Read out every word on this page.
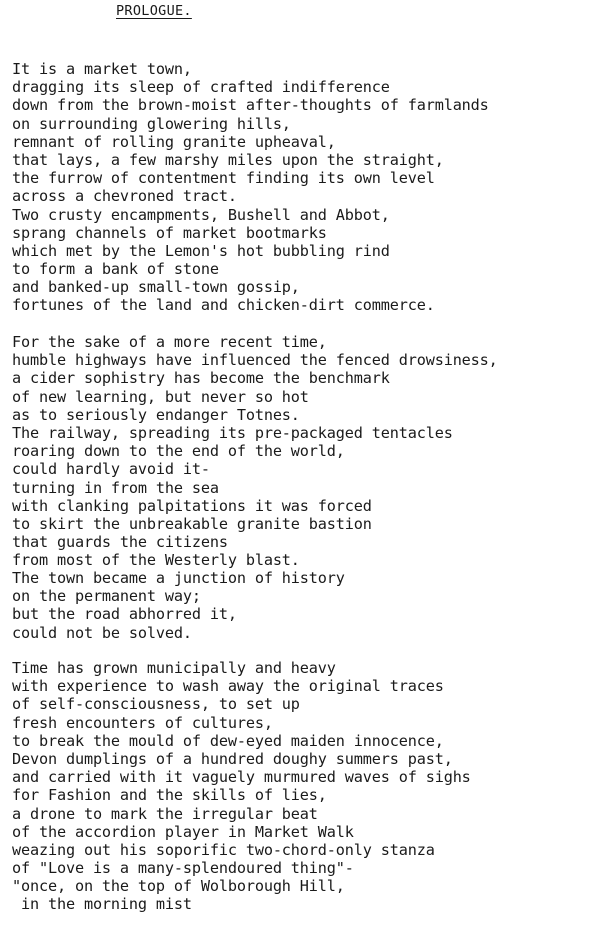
PROLOGUE.
It is a market town,
dragging its sleep of crafted indifference
down from the brown-moist after-thoughts of farmlands
on surrounding glowering hills,
remnant of rolling granite upheaval,
that lays, a few marshy miles upon the straight,
the furrow of contentment finding its own level
across a chevroned tract.
Two crusty encampments, Bushell and Abbot,
sprang channels of market bootmarks
which met by the Lemon's hot bubbling rind
to form a bank of stone
and banked-up small-town gossip,
fortunes of the land and chicken-dirt commerce.
For the sake of a more recent time,
humble highways have influenced the fenced drowsiness,
a cider sophistry has become the benchmark
of new learning, but never so hot
as to seriously endanger Totnes.
The railway, spreading its pre-packaged tentacles
roaring down to the end of the world,
could hardly avoid it-
turning in from the sea
with clanking palpitations it was forced
to skirt the unbreakable granite bastion
that guards the citizens
from most of the Westerly blast.
The town became a junction of history
on the permanent way;
but the road abhorred it,
could not be solved.
Time has grown municipally and heavy
with experience to wash away the original traces
of self-consciousness, to set up
fresh encounters of cultures,
to break the mould of dew-eyed maiden innocence,
Devon dumplings of a hundred doughy summers past,
and carried with it vaguely murmured waves of sighs
for Fashion and the skills of lies,
a drone to mark the irregular beat
of the accordion player in Market Walk
weazing out his soporific two-chord-only stanza
of "Love is a many-splendoured thing"-
"once, on the top of Wolborough Hill,
in the morning mist
